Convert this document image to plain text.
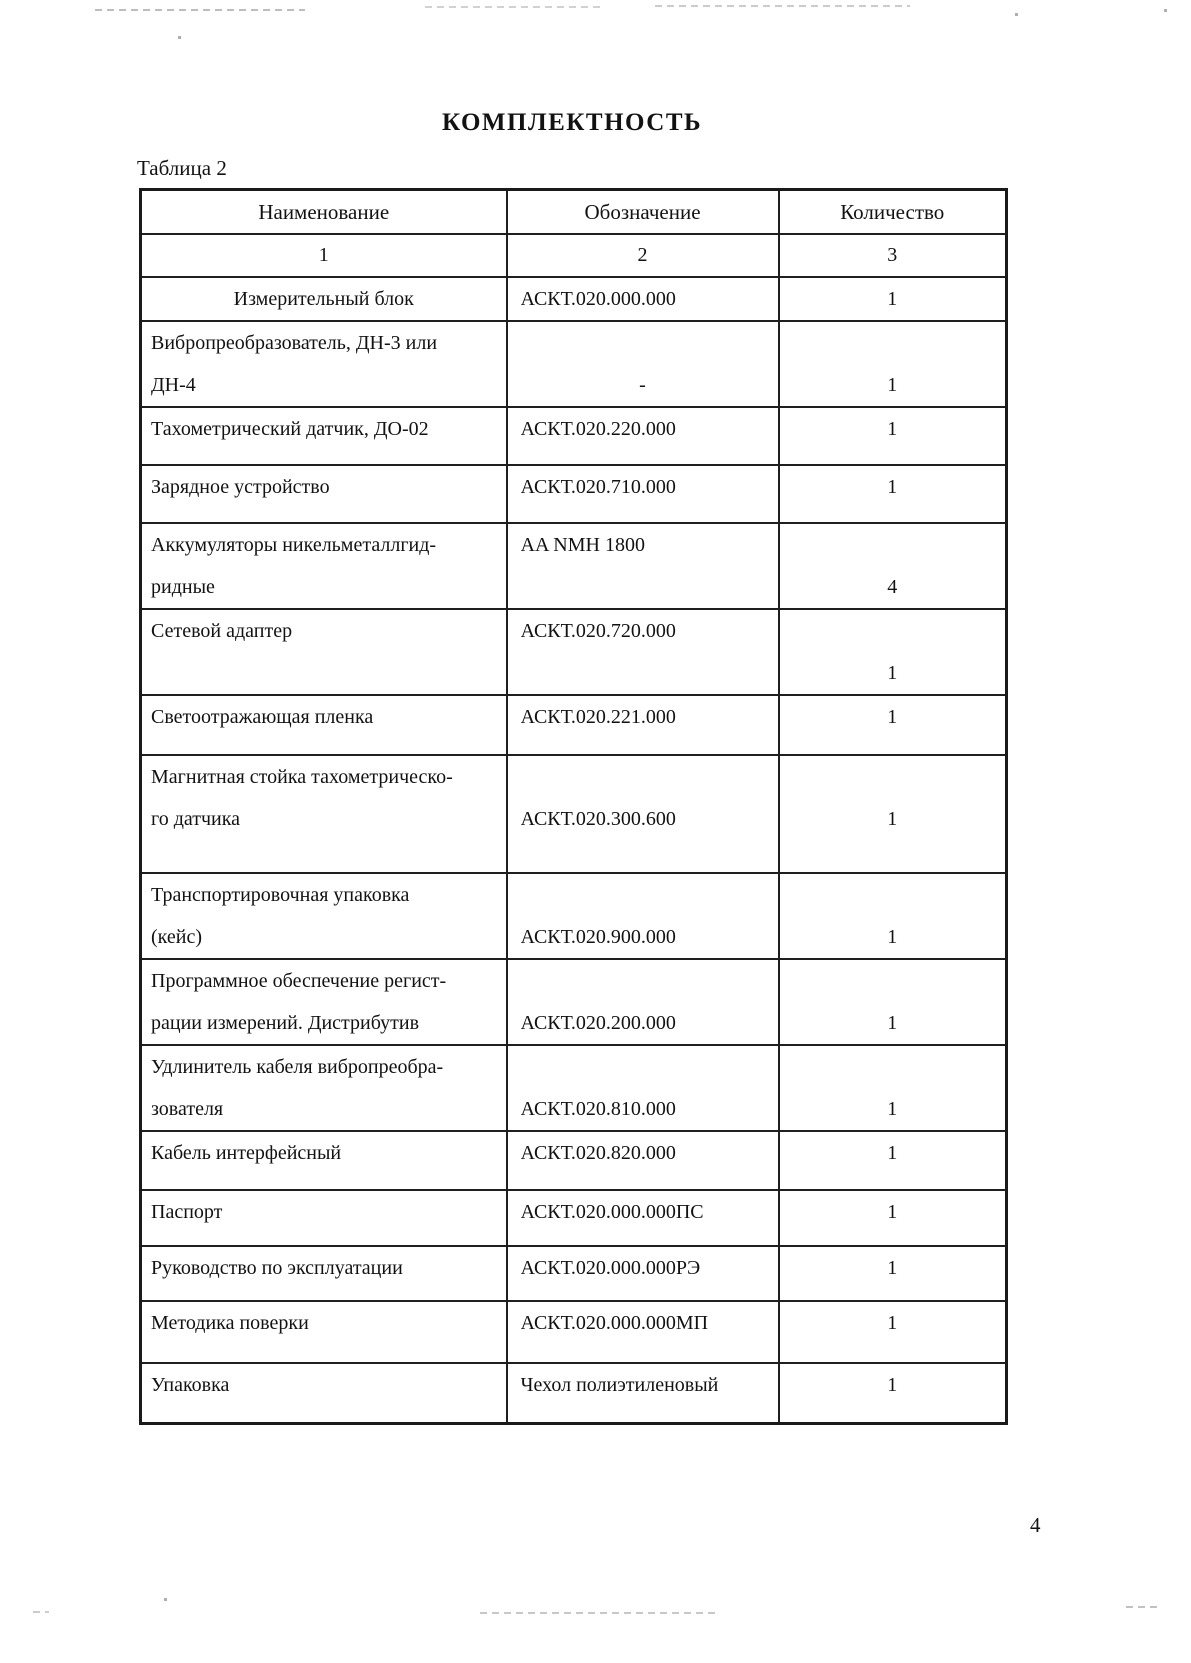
КОМПЛЕКТНОСТЬ
Таблица 2
Наименование	Обозначение	Количество
1	2	3

Измерительный блок	АСКТ.020.000.000	1

Вибропреобразователь, ДН-3 или
ДН-4	-	1

Тахометрический датчик, ДО-02	АСКТ.020.220.000	1

Зарядное устройство	АСКТ.020.710.000	1

Аккумуляторы никельметаллгид-
ридные	AA NMH 1800	4

Сетевой адаптер	АСКТ.020.720.000	1

Светоотражающая пленка	АСКТ.020.221.000	1

Магнитная стойка тахометрическо-
го датчика	АСКТ.020.300.600	1

Транспортировочная упаковка
(кейс)	АСКТ.020.900.000	1

Программное обеспечение регист-
рации измерений. Дистрибутив	АСКТ.020.200.000	1

Удлинитель кабеля вибропреобра-
зователя	АСКТ.020.810.000	1

Кабель интерфейсный	АСКТ.020.820.000	1

Паспорт	АСКТ.020.000.000ПС	1

Руководство по эксплуатации	АСКТ.020.000.000РЭ	1

Методика поверки	АСКТ.020.000.000МП	1

Упаковка	Чехол полиэтиленовый	1
4
